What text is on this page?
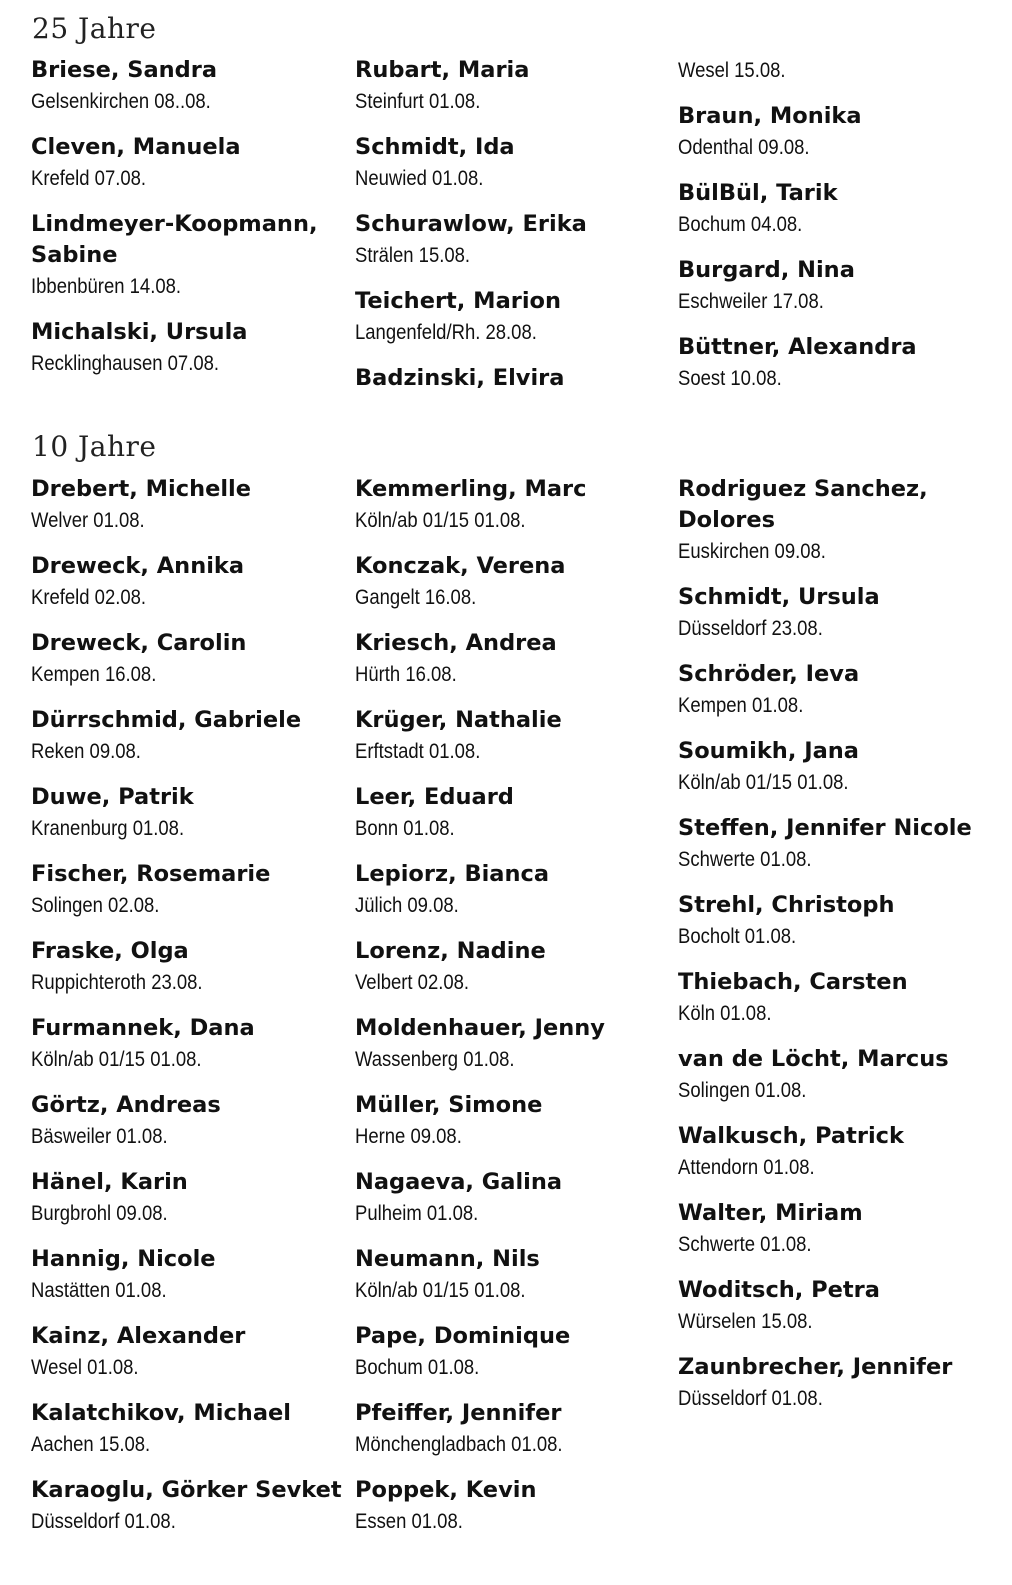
25 Jahre
Briese, Sandra
Gelsenkirchen 08..08.
Cleven, Manuela
Krefeld 07.08.
Lindmeyer-Koopmann, Sabine
Ibbenbüren 14.08.
Michalski, Ursula
Recklinghausen 07.08.
Rubart, Maria
Steinfurt 01.08.
Schmidt, Ida
Neuwied 01.08.
Schurawlow, Erika
Strälen 15.08.
Teichert, Marion
Langenfeld/Rh. 28.08.
Badzinski, Elvira
Wesel 15.08.
Braun, Monika
Odenthal 09.08.
BülBül, Tarik
Bochum 04.08.
Burgard, Nina
Eschweiler 17.08.
Büttner, Alexandra
Soest 10.08.
10 Jahre
Drebert, Michelle
Welver 01.08.
Dreweck, Annika
Krefeld 02.08.
Dreweck, Carolin
Kempen 16.08.
Dürrschmid, Gabriele
Reken 09.08.
Duwe, Patrik
Kranenburg 01.08.
Fischer, Rosemarie
Solingen 02.08.
Fraske, Olga
Ruppichteroth 23.08.
Furmannek, Dana
Köln/ab 01/15 01.08.
Görtz, Andreas
Bäsweiler 01.08.
Hänel, Karin
Burgbrohl 09.08.
Hannig, Nicole
Nastätten 01.08.
Kainz, Alexander
Wesel 01.08.
Kalatchikov, Michael
Aachen 15.08.
Karaoglu, Görker Sevket
Düsseldorf 01.08.
Kemmerling, Marc
Köln/ab 01/15 01.08.
Konczak, Verena
Gangelt 16.08.
Kriesch, Andrea
Hürth 16.08.
Krüger, Nathalie
Erftstadt 01.08.
Leer, Eduard
Bonn 01.08.
Lepiorz, Bianca
Jülich 09.08.
Lorenz, Nadine
Velbert 02.08.
Moldenhauer, Jenny
Wassenberg 01.08.
Müller, Simone
Herne 09.08.
Nagaeva, Galina
Pulheim 01.08.
Neumann, Nils
Köln/ab 01/15 01.08.
Pape, Dominique
Bochum 01.08.
Pfeiffer, Jennifer
Mönchengladbach 01.08.
Poppek, Kevin
Essen 01.08.
Rodriguez Sanchez, Dolores
Euskirchen 09.08.
Schmidt, Ursula
Düsseldorf 23.08.
Schröder, Ieva
Kempen 01.08.
Soumikh, Jana
Köln/ab 01/15 01.08.
Steffen, Jennifer Nicole
Schwerte 01.08.
Strehl, Christoph
Bocholt 01.08.
Thiebach, Carsten
Köln 01.08.
van de Löcht, Marcus
Solingen 01.08.
Walkusch, Patrick
Attendorn 01.08.
Walter, Miriam
Schwerte 01.08.
Woditsch, Petra
Würselen 15.08.
Zaunbrecher, Jennifer
Düsseldorf 01.08.
